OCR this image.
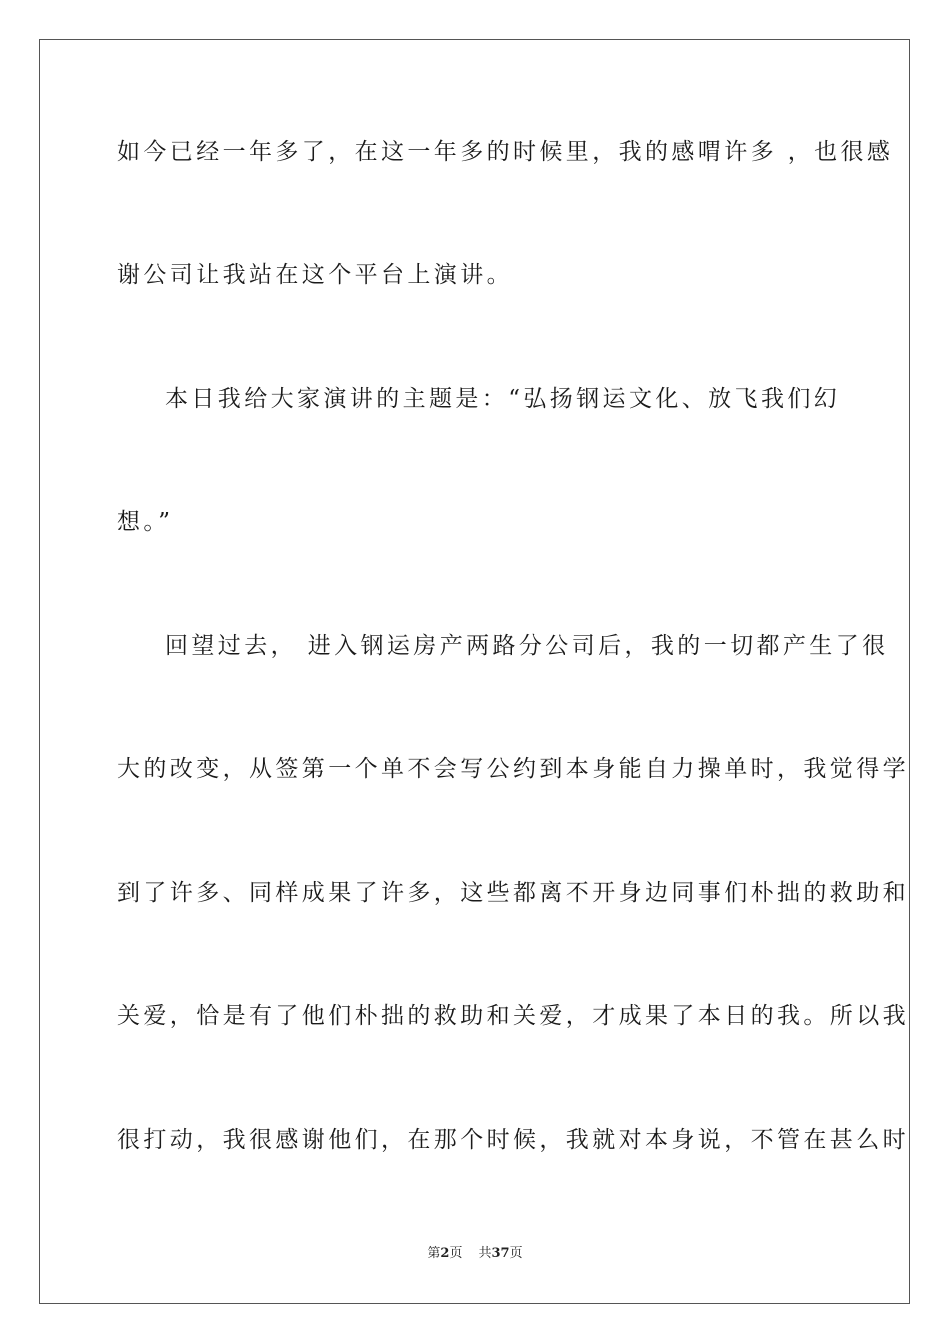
如今已经一年多了，在这一年多的时候里，我的感喟许多 ，也很感
谢公司让我站在这个平台上演讲。
本日我给大家演讲的主题是：“弘扬钢运文化、放飞我们幻
想。”
回望过去， 进入钢运房产两路分公司后，我的一切都产生了很
大的改变，从签第一个单不会写公约到本身能自力操单时，我觉得学
到了许多、同样成果了许多，这些都离不开身边同事们朴拙的救助和
关爱，恰是有了他们朴拙的救助和关爱，才成果了本日的我。所以我
很打动，我很感谢他们，在那个时候，我就对本身说，不管在甚么时
第2页 共37页
